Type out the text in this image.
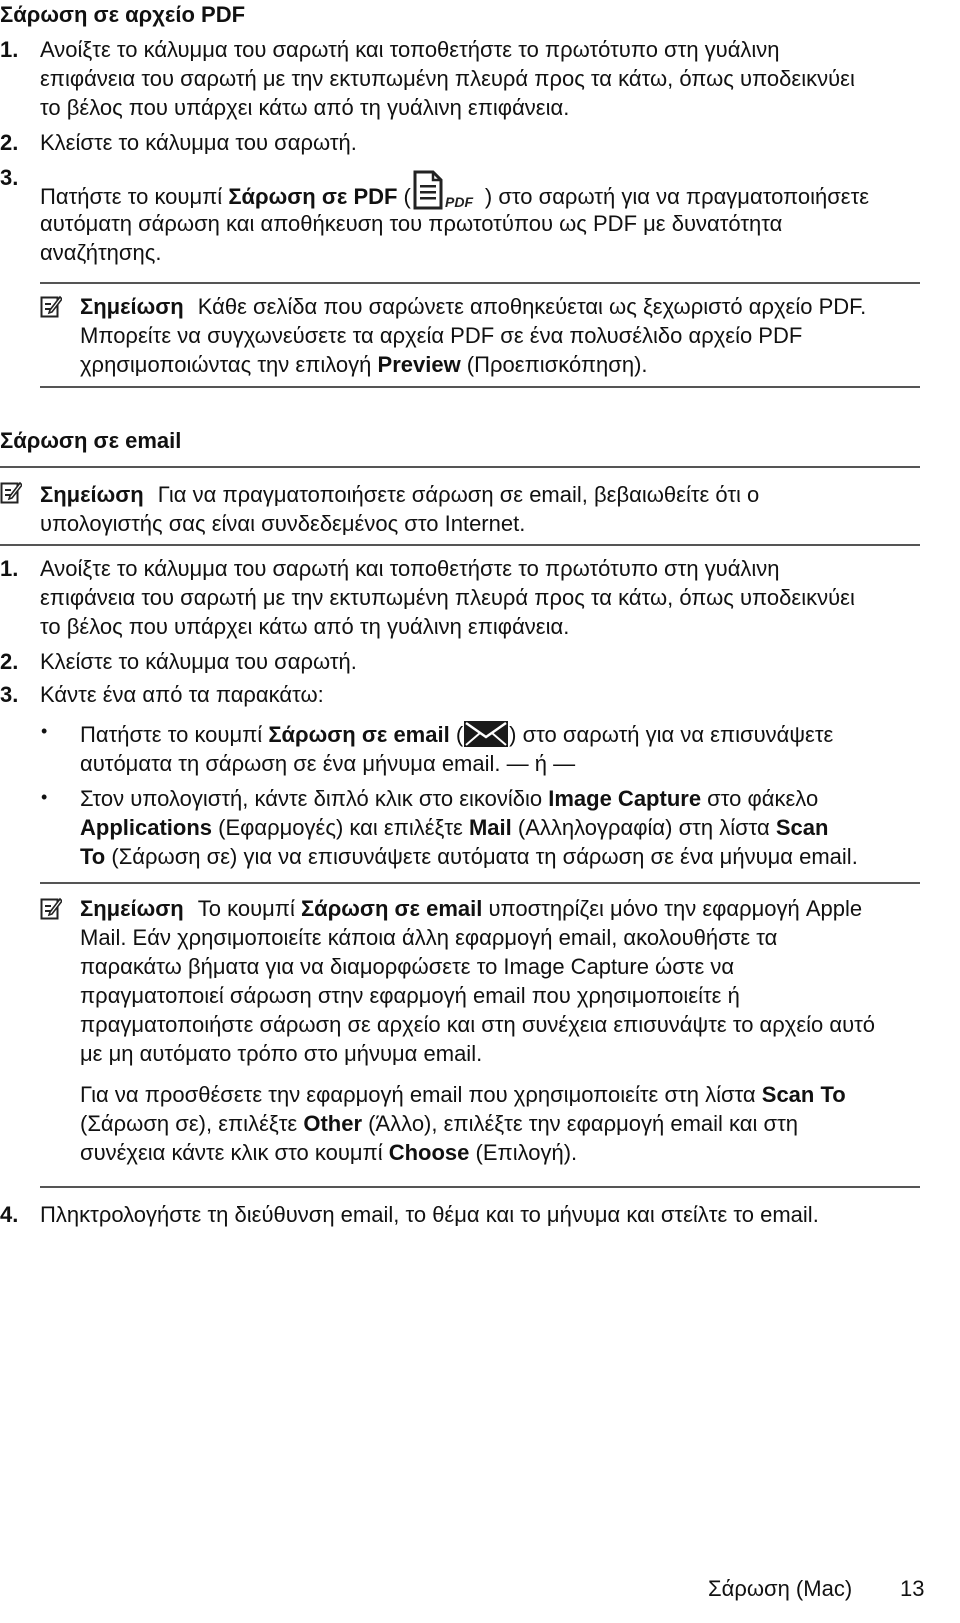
Σάρωση σε αρχείο PDF
1. Ανοίξτε το κάλυμμα του σαρωτή και τοποθετήστε το πρωτότυπο στη γυάλινη
επιφάνεια του σαρωτή με την εκτυπωμένη πλευρά προς τα κάτω, όπως υποδεικνύει
το βέλος που υπάρχει κάτω από τη γυάλινη επιφάνεια.
2. Κλείστε το κάλυμμα του σαρωτή.
3.
Πατήστε το κουμπί Σάρωση σε PDF ( PDF ) στο σαρωτή για να πραγματοποιήσετε
αυτόματη σάρωση και αποθήκευση του πρωτοτύπου ως PDF με δυνατότητα
αναζήτησης.
Σημείωση Κάθε σελίδα που σαρώνετε αποθηκεύεται ως ξεχωριστό αρχείο PDF.
Μπορείτε να συγχωνεύσετε τα αρχεία PDF σε ένα πολυσέλιδο αρχείο PDF
χρησιμοποιώντας την επιλογή Preview (Προεπισκόπηση).
Σάρωση σε email
Σημείωση Για να πραγματοποιήσετε σάρωση σε email, βεβαιωθείτε ότι ο
υπολογιστής σας είναι συνδεδεμένος στο Internet.
1. Ανοίξτε το κάλυμμα του σαρωτή και τοποθετήστε το πρωτότυπο στη γυάλινη
επιφάνεια του σαρωτή με την εκτυπωμένη πλευρά προς τα κάτω, όπως υποδεικνύει
το βέλος που υπάρχει κάτω από τη γυάλινη επιφάνεια.
2. Κλείστε το κάλυμμα του σαρωτή.
3. Κάντε ένα από τα παρακάτω:
• Πατήστε το κουμπί Σάρωση σε email ( ) στο σαρωτή για να επισυνάψετε
αυτόματα τη σάρωση σε ένα μήνυμα email. — ή —
• Στον υπολογιστή, κάντε διπλό κλικ στο εικονίδιο Image Capture στο φάκελο
Applications (Εφαρμογές) και επιλέξτε Mail (Αλληλογραφία) στη λίστα Scan
To (Σάρωση σε) για να επισυνάψετε αυτόματα τη σάρωση σε ένα μήνυμα email.
Σημείωση Το κουμπί Σάρωση σε email υποστηρίζει μόνο την εφαρμογή Apple
Mail. Εάν χρησιμοποιείτε κάποια άλλη εφαρμογή email, ακολουθήστε τα
παρακάτω βήματα για να διαμορφώσετε το Image Capture ώστε να
πραγματοποιεί σάρωση στην εφαρμογή email που χρησιμοποιείτε ή
πραγματοποιήστε σάρωση σε αρχείο και στη συνέχεια επισυνάψτε το αρχείο αυτό
με μη αυτόματο τρόπο στο μήνυμα email.
Για να προσθέσετε την εφαρμογή email που χρησιμοποιείτε στη λίστα Scan To
(Σάρωση σε), επιλέξτε Other (Άλλο), επιλέξτε την εφαρμογή email και στη
συνέχεια κάντε κλικ στο κουμπί Choose (Επιλογή).
4. Πληκτρολογήστε τη διεύθυνση email, το θέμα και το μήνυμα και στείλτε το email.
Σάρωση (Mac) 13
